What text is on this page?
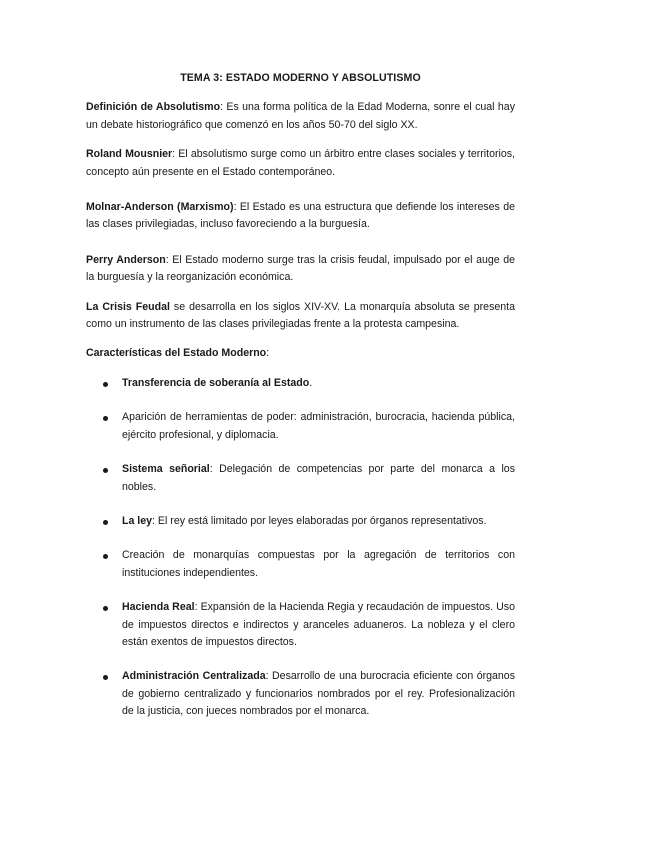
TEMA 3: ESTADO MODERNO Y ABSOLUTISMO

Definición de Absolutismo: Es una forma política de la Edad Moderna, sonre el cual hay un debate historiográfico que comenzó en los años 50-70 del siglo XX.

Roland Mousnier: El absolutismo surge como un árbitro entre clases sociales y territorios, concepto aún presente en el Estado contemporáneo.

Molnar-Anderson (Marxismo): El Estado es una estructura que defiende los intereses de las clases privilegiadas, incluso favoreciendo a la burguesía.

Perry Anderson: El Estado moderno surge tras la crisis feudal, impulsado por el auge de la burguesía y la reorganización económica.

La Crisis Feudal se desarrolla en los siglos XIV-XV. La monarquía absoluta se presenta como un instrumento de las clases privilegiadas frente a la protesta campesina.

Características del Estado Moderno:

Transferencia de soberanía al Estado.
Aparición de herramientas de poder: administración, burocracia, hacienda pública, ejército profesional, y diplomacia.
Sistema señorial: Delegación de competencias por parte del monarca a los nobles.
La ley: El rey está limitado por leyes elaboradas por órganos representativos.
Creación de monarquías compuestas por la agregación de territorios con instituciones independientes.
Hacienda Real: Expansión de la Hacienda Regia y recaudación de impuestos. Uso de impuestos directos e indirectos y aranceles aduaneros. La nobleza y el clero están exentos de impuestos directos.
Administración Centralizada: Desarrollo de una burocracia eficiente con órganos de gobierno centralizado y funcionarios nombrados por el rey. Profesionalización de la justicia, con jueces nombrados por el monarca.
